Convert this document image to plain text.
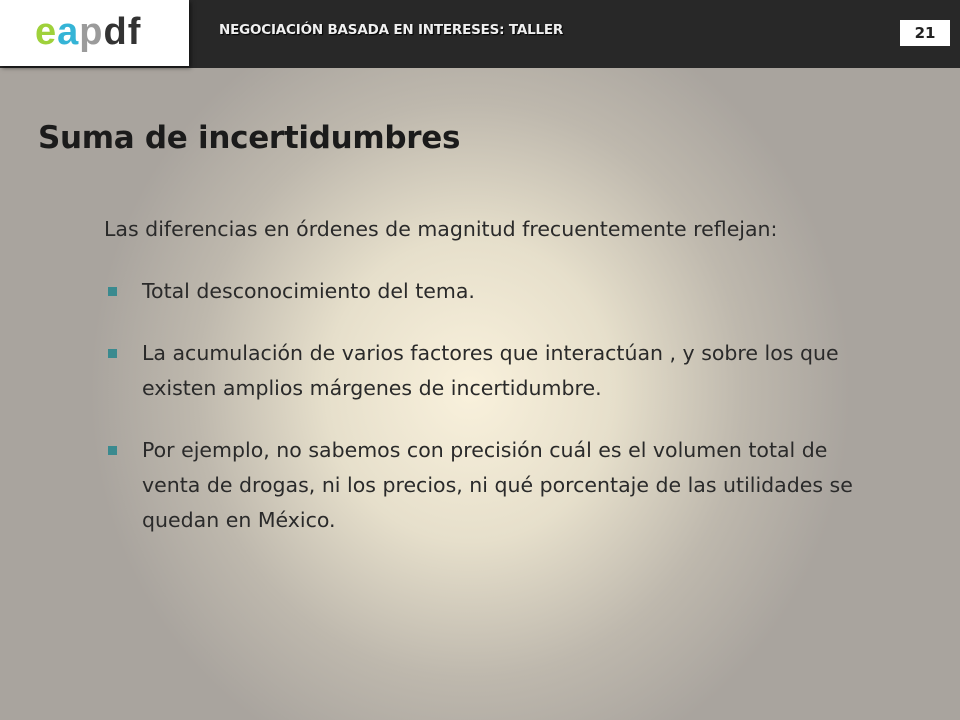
eapdf	NEGOCIACIÓN BASADA EN INTERESES: TALLER	21
Suma de incertidumbres

Las diferencias en órdenes de magnitud frecuentemente reflejan:

Total desconocimiento del tema.
La acumulación de varios factores que interactúan , y sobre los que existen amplios márgenes de incertidumbre.
Por ejemplo, no sabemos con precisión cuál es el volumen total de venta de drogas, ni los precios, ni qué porcentaje de las utilidades se quedan en México.
